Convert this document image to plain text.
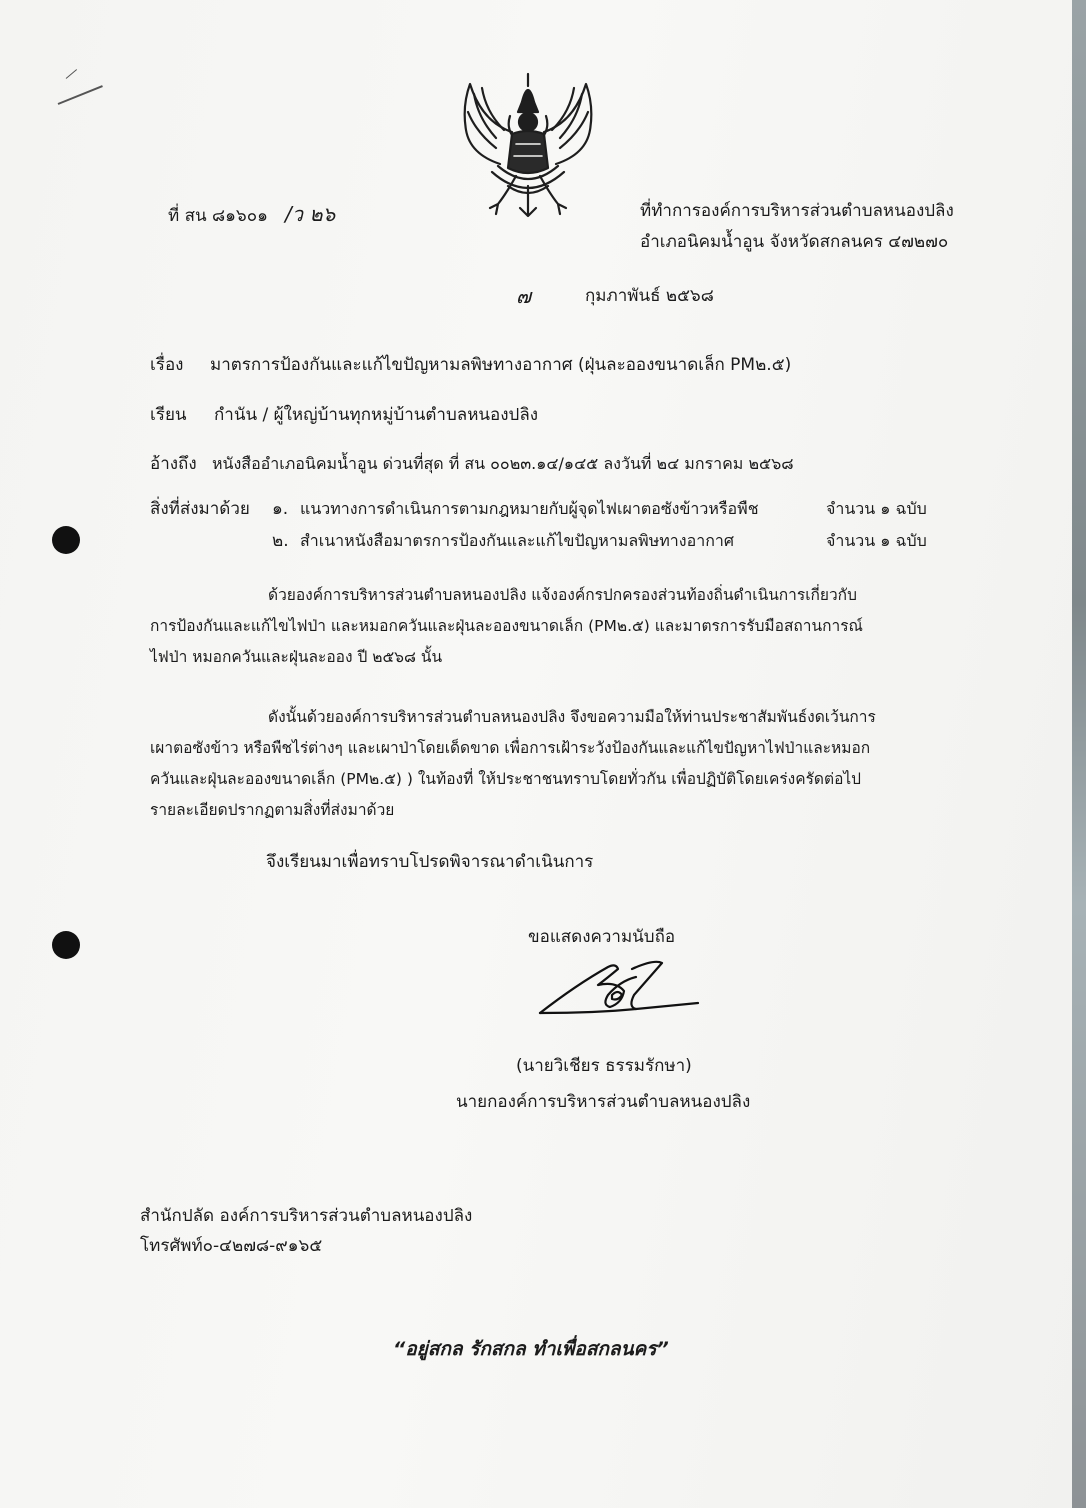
ที่ สน ๘๑๖๐๑ /ว ๒๖	ที่ทำการองค์การบริหารส่วนตำบลหนองปลิง
อำเภอนิคมน้ำอูน จังหวัดสกลนคร ๔๗๒๗๐
๗	กุมภาพันธ์ ๒๕๖๘
เรื่อง มาตรการป้องกันและแก้ไขปัญหามลพิษทางอากาศ (ฝุ่นละอองขนาดเล็ก PM๒.๕)
เรียน กำนัน / ผู้ใหญ่บ้านทุกหมู่บ้านตำบลหนองปลิง
อ้างถึง หนังสืออำเภอนิคมน้ำอูน ด่วนที่สุด ที่ สน ๐๐๒๓.๑๔/๑๔๕ ลงวันที่ ๒๔ มกราคม ๒๕๖๘
สิ่งที่ส่งมาด้วย ๑. แนวทางการดำเนินการตามกฎหมายกับผู้จุดไฟเผาตอซังข้าวหรือพืช	จำนวน ๑ ฉบับ
๒. สำเนาหนังสือมาตรการป้องกันและแก้ไขปัญหามลพิษทางอากาศ	จำนวน ๑ ฉบับ

ด้วยองค์การบริหารส่วนตำบลหนองปลิง แจ้งองค์กรปกครองส่วนท้องถิ่นดำเนินการเกี่ยวกับ

การป้องกันและแก้ไขไฟป่า และหมอกควันและฝุ่นละอองขนาดเล็ก (PM๒.๕) และมาตรการรับมือสถานการณ์

ไฟป่า หมอกควันและฝุ่นละออง ปี ๒๕๖๘ นั้น

ดังนั้นด้วยองค์การบริหารส่วนตำบลหนองปลิง จึงขอความมือให้ท่านประชาสัมพันธ์งดเว้นการ

เผาตอซังข้าว หรือพืชไร่ต่างๆ และเผาป่าโดยเด็ดขาด เพื่อการเฝ้าระวังป้องกันและแก้ไขปัญหาไฟป่าและหมอก

ควันและฝุ่นละอองขนาดเล็ก (PM๒.๕) ) ในท้องที่ ให้ประชาชนทราบโดยทั่วกัน เพื่อปฏิบัติโดยเคร่งครัดต่อไป

รายละเอียดปรากฏตามสิ่งที่ส่งมาด้วย

จึงเรียนมาเพื่อทราบโปรดพิจารณาดำเนินการ
ขอแสดงความนับถือ
(นายวิเชียร ธรรมรักษา)
นายกองค์การบริหารส่วนตำบลหนองปลิง
สำนักปลัด องค์การบริหารส่วนตำบลหนองปลิง
โทรศัพท์๐-๔๒๗๘-๙๑๖๕
“อยู่สกล รักสกล ทำเพื่อสกลนคร”
